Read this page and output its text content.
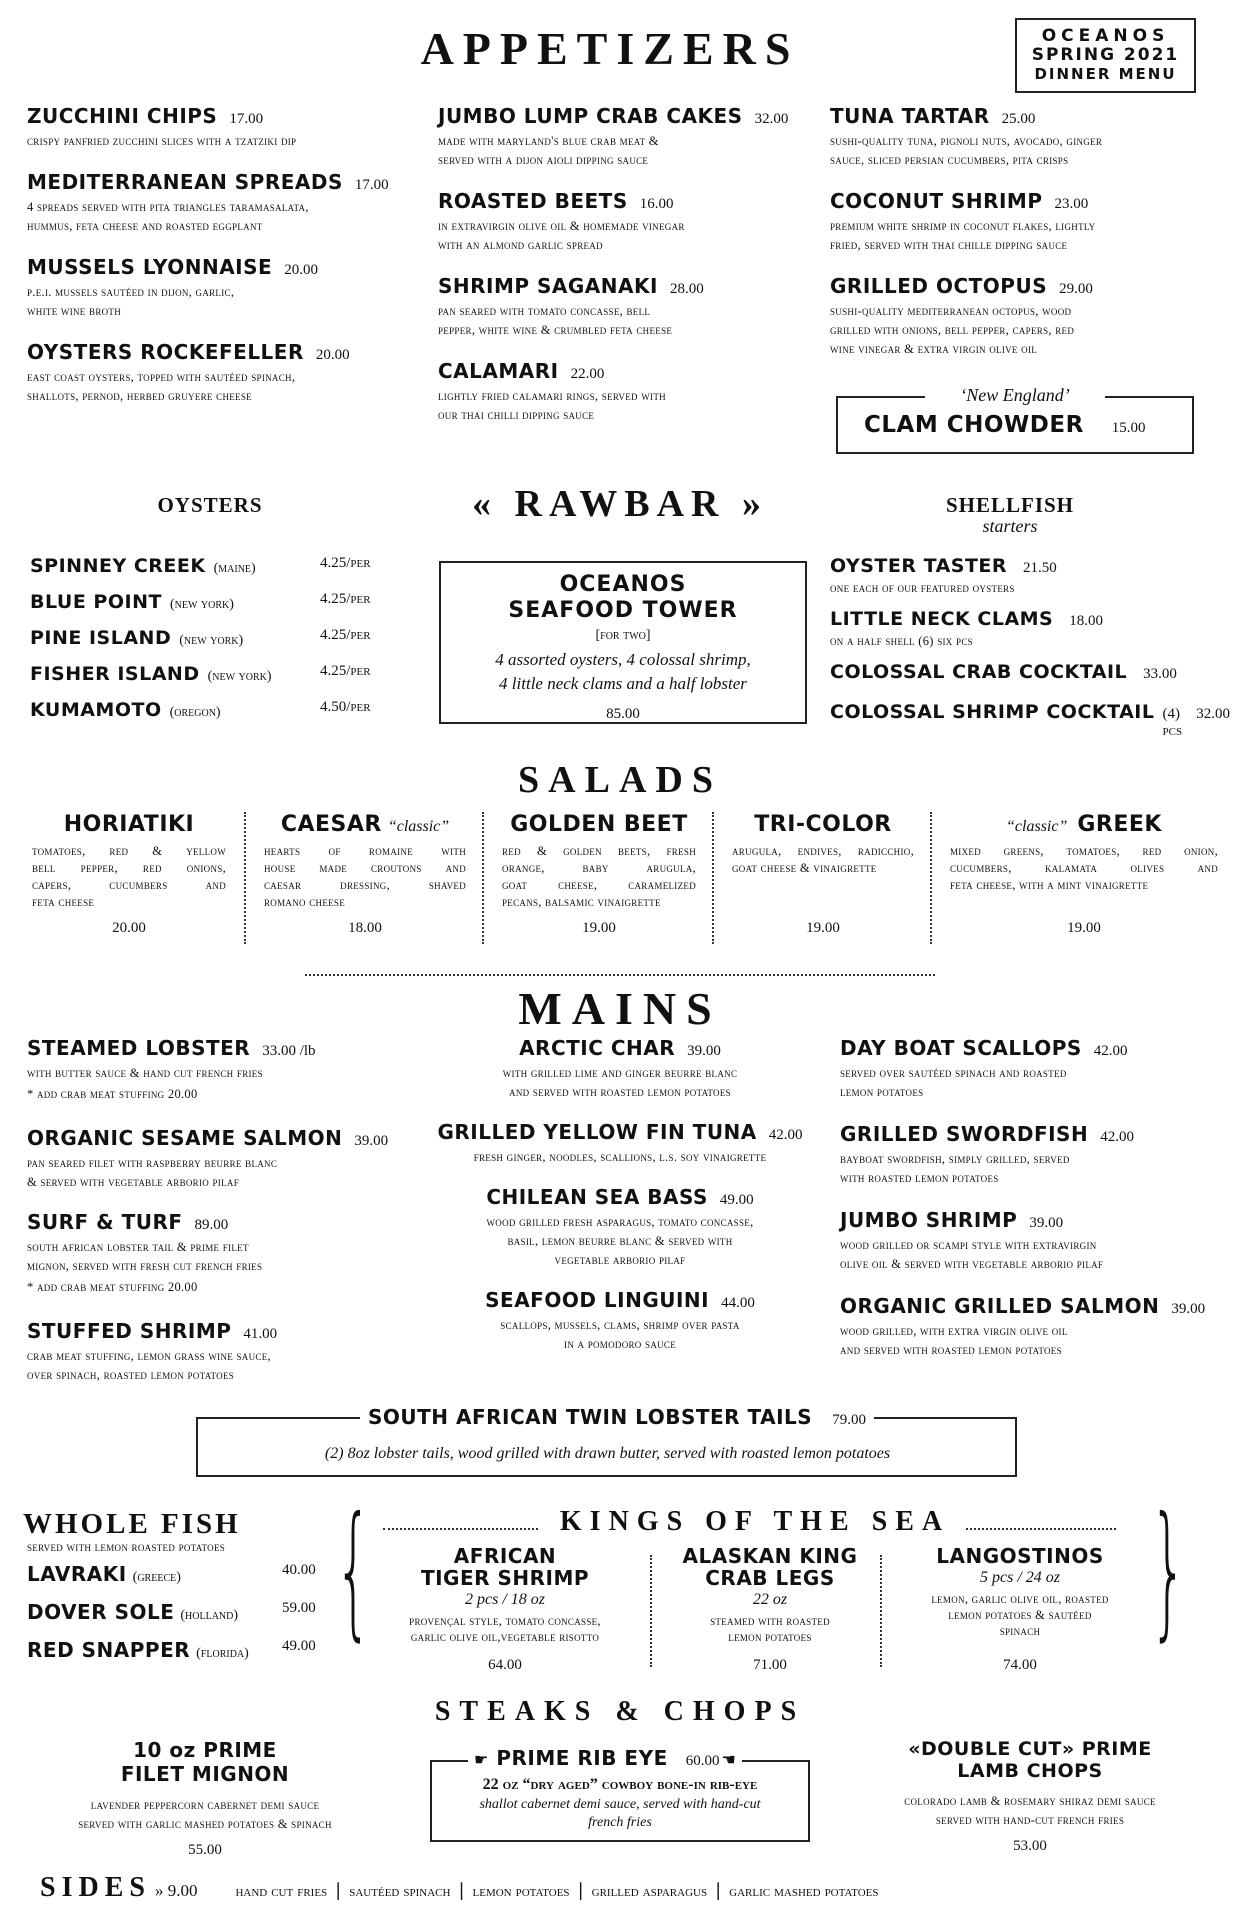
APPETIZERS	OCEANOS
SPRING 2021
DINNER MENU
ZUCCHINI CHIPS 17.00
crispy panfried zucchini slices with a tzatziki dip
MEDITERRANEAN SPREADS 17.00
4 spreads served with pita triangles taramasalata,
hummus, feta cheese and roasted eggplant
MUSSELS LYONNAISE 20.00
p.e.i. mussels sautéed in dijon, garlic,
white wine broth
OYSTERS ROCKEFELLER 20.00
east coast oysters, topped with sautéed spinach,
shallots, pernod, herbed gruyere cheese
JUMBO LUMP CRAB CAKES 32.00
made with maryland's blue crab meat &
served with a dijon aioli dipping sauce
ROASTED BEETS 16.00
in extravirgin olive oil & homemade vinegar
with an almond garlic spread
SHRIMP SAGANAKI 28.00
pan seared with tomato concasse, bell
pepper, white wine & crumbled feta cheese
CALAMARI 22.00
lightly fried calamari rings, served with
our thai chilli dipping sauce
TUNA TARTAR 25.00
sushi-quality tuna, pignoli nuts, avocado, ginger
sauce, sliced persian cucumbers, pita crisps
COCONUT SHRIMP 23.00
premium white shrimp in coconut flakes, lightly
fried, served with thai chille dipping sauce
GRILLED OCTOPUS 29.00
sushi-quality mediterranean octopus, wood
grilled with onions, bell pepper, capers, red
wine vinegar & extra virgin olive oil
‘New England’
CLAM CHOWDER 15.00
OYSTERS	« RAWBAR »	SHELLFISH
starters
SPINNEY CREEK (maine)	4.25/per
BLUE POINT (new york)	4.25/per
PINE ISLAND (new york)	4.25/per
FISHER ISLAND (new york)	4.25/per
KUMAMOTO (oregon)	4.50/per
OCEANOS
SEAFOOD TOWER
[for two]
4 assorted oysters, 4 colossal shrimp,
4 little neck clams and a half lobster
85.00
OYSTER TASTER 21.50
one each of our featured oysters
LITTLE NECK CLAMS 18.00
on a half shell (6) six pcs
COLOSSAL CRAB COCKTAIL 33.00
COLOSSAL SHRIMP COCKTAIL (4) pcs
32.00
SALADS
HORIATIKI
tomatoes, red & yellow
bell pepper, red onions,
capers, cucumbers and
feta cheese
20.00
CAESAR “classic”
hearts of romaine with
house made croutons and
caesar dressing, shaved
romano cheese
18.00
GOLDEN BEET
red & golden beets, fresh
orange, baby arugula,
goat cheese, caramelized
pecans, balsamic vinaigrette
19.00
TRI-COLOR
arugula, endives, radicchio,
goat cheese & vinaigrette
19.00
“classic” GREEK
mixed greens, tomatoes, red onion,
cucumbers, kalamata olives and
feta cheese, with a mint vinaigrette
19.00
MAINS
STEAMED LOBSTER 33.00 /lb
with butter sauce & hand cut french fries
* add crab meat stuffing 20.00
ORGANIC SESAME SALMON 39.00
pan seared filet with raspberry beurre blanc
& served with vegetable arborio pilaf
SURF & TURF 89.00
south african lobster tail & prime filet
mignon, served with fresh cut french fries
* add crab meat stuffing 20.00
STUFFED SHRIMP 41.00
crab meat stuffing, lemon grass wine sauce,
over spinach, roasted lemon potatoes
ARCTIC CHAR 39.00
with grilled lime and ginger beurre blanc
and served with roasted lemon potatoes
GRILLED YELLOW FIN TUNA 42.00
fresh ginger, noodles, scallions, l.s. soy vinaigrette
CHILEAN SEA BASS 49.00
wood grilled fresh asparagus, tomato concasse,
basil, lemon beurre blanc & served with
vegetable arborio pilaf
SEAFOOD LINGUINI 44.00
scallops, mussels, clams, shrimp over pasta
in a pomodoro sauce
DAY BOAT SCALLOPS 42.00
served over sautéed spinach and roasted
lemon potatoes
GRILLED SWORDFISH 42.00
bayboat swordfish, simply grilled, served
with roasted lemon potatoes
JUMBO SHRIMP 39.00
wood grilled or scampi style with extravirgin
olive oil & served with vegetable arborio pilaf
ORGANIC GRILLED SALMON 39.00
wood grilled, with extra virgin olive oil
and served with roasted lemon potatoes
SOUTH AFRICAN TWIN LOBSTER TAILS 79.00
(2) 8oz lobster tails, wood grilled with drawn butter, served with roasted lemon potatoes
WHOLE FISH
served with lemon roasted potatoes
LAVRAKI (greece)	40.00
DOVER SOLE (holland)	59.00
RED SNAPPER (florida) 49.00 {	}
KINGS OF THE SEA
AFRICAN
TIGER SHRIMP
2 pcs / 18 oz
provençal style, tomato concasse,
garlic olive oil,vegetable risotto
64.00
ALASKAN KING
CRAB LEGS
22 oz
steamed with roasted
lemon potatoes
71.00
LANGOSTINOS
5 pcs / 24 oz
lemon, garlic olive oil, roasted
lemon potatoes & sautéed
spinach
74.00
STEAKS & CHOPS
10 oz PRIME
FILET MIGNON
lavender peppercorn cabernet demi sauce
served with garlic mashed potatoes & spinach
55.00
☛ PRIME RIB EYE 60.00 ☚
22 oz “dry aged” cowboy bone-in rib-eye
shallot cabernet demi sauce, served with hand-cut
french fries
«DOUBLE CUT» PRIME
LAMB CHOPS
colorado lamb & rosemary shiraz demi sauce
served with hand-cut french fries
53.00
SIDES » 9.00 hand cut fries | sautéed spinach | lemon potatoes | grilled asparagus | garlic mashed potatoes
